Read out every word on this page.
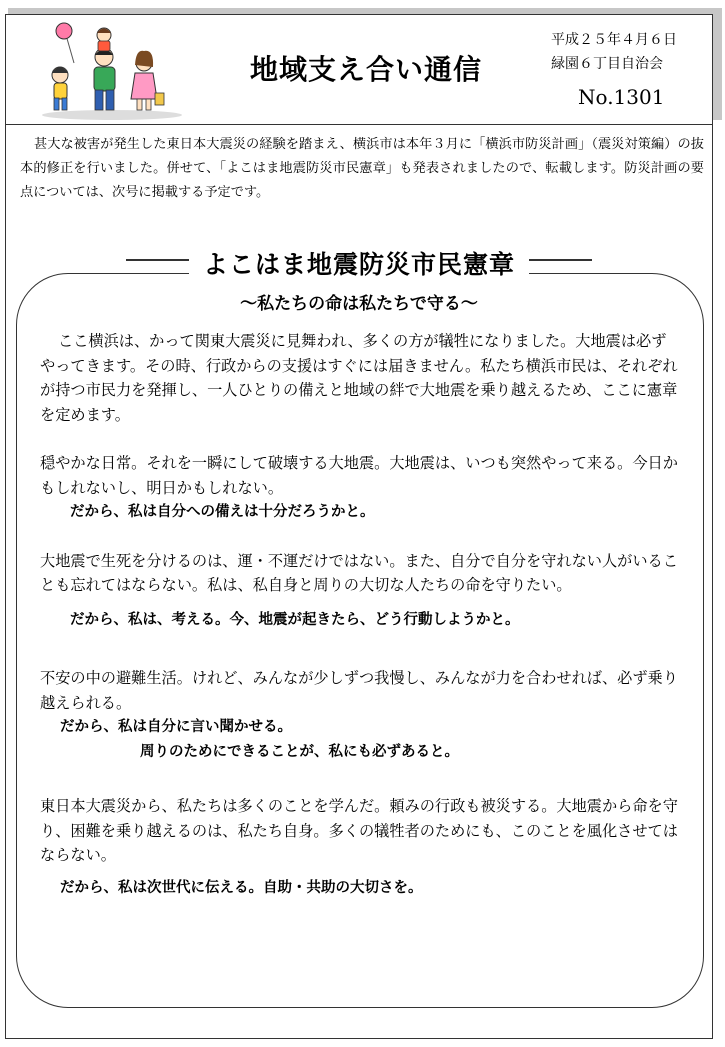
地域支え合い通信
平成２５年４月６日
緑園６丁目自治会
No.1301
甚大な被害が発生した東日本大震災の経験を踏まえ、横浜市は本年３月に「横浜市防災計画」（震災対策編）の抜本的修正を行いました。併せて、「よこはま地震防災市民憲章」も発表されましたので、転載します。防災計画の要点については、次号に掲載する予定です。
よこはま地震防災市民憲章
～私たちの命は私たちで守る～

ここ横浜は、かって関東大震災に見舞われ、多くの方が犠牲になりました。大地震は必ずやってきます。その時、行政からの支援はすぐには届きません。私たち横浜市民は、それぞれが持つ市民力を発揮し、一人ひとりの備えと地域の絆で大地震を乗り越えるため、ここに憲章を定めます。

穏やかな日常。それを一瞬にして破壊する大地震。大地震は、いつも突然やって来る。今日かもしれないし、明日かもしれない。

だから、私は自分への備えは十分だろうかと。

大地震で生死を分けるのは、運・不運だけではない。また、自分で自分を守れない人がいることも忘れてはならない。私は、私自身と周りの大切な人たちの命を守りたい。

だから、私は、考える。今、地震が起きたら、どう行動しようかと。

不安の中の避難生活。けれど、みんなが少しずつ我慢し、みんなが力を合わせれば、必ず乗り越えられる。

だから、私は自分に言い聞かせる。

周りのためにできることが、私にも必ずあると。

東日本大震災から、私たちは多くのことを学んだ。頼みの行政も被災する。大地震から命を守り、困難を乗り越えるのは、私たち自身。多くの犠牲者のためにも、このことを風化させてはならない。

だから、私は次世代に伝える。自助・共助の大切さを。
